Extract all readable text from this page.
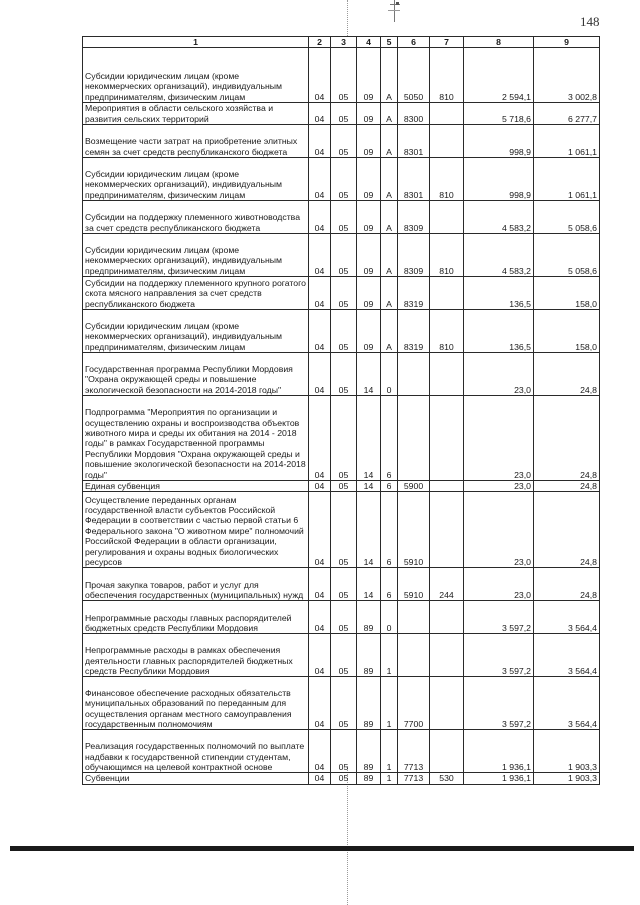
148
1	2	3	4	5	6	7	8	9
Субсидии юридическим лицам (кроме некоммерческих организаций), индивидуальным предпринимателям, физическим лицам	04	05	09	А	5050	810	2 594,1	3 002,8
Мероприятия в области сельского хозяйства и развития сельских территорий	04	05	09	А	8300		5 718,6	6 277,7
Возмещение части затрат на приобретение элитных семян за счет средств республиканского бюджета	04	05	09	А	8301		998,9	1 061,1
Субсидии юридическим лицам (кроме некоммерческих организаций), индивидуальным предпринимателям, физическим лицам	04	05	09	А	8301	810	998,9	1 061,1
Субсидии на поддержку племенного животноводства за счет средств республиканского бюджета	04	05	09	А	8309		4 583,2	5 058,6
Субсидии юридическим лицам (кроме некоммерческих организаций), индивидуальным предпринимателям, физическим лицам	04	05	09	А	8309	810	4 583,2	5 058,6
Субсидии на поддержку племенного крупного рогатого скота мясного направления за счет средств республиканского бюджета	04	05	09	А	8319		136,5	158,0
Субсидии юридическим лицам (кроме некоммерческих организаций), индивидуальным предпринимателям, физическим лицам	04	05	09	А	8319	810	136,5	158,0
Государственная программа Республики Мордовия "Охрана окружающей среды и повышение экологической безопасности на 2014-2018 годы"	04	05	14	0			23,0	24,8
Подпрограмма "Мероприятия по организации и осуществлению охраны и воспроизводства объектов животного мира и среды их обитания на 2014 - 2018 годы" в рамках Государственной программы Республики Мордовия "Охрана окружающей среды и повышение экологической безопасности на 2014-2018 годы"	04	05	14	6			23,0	24,8
Единая субвенция	04	05	14	6	5900		23,0	24,8
Осуществление переданных органам государственной власти субъектов Российской Федерации в соответствии с частью первой статьи 6 Федерального закона "О животном мире" полномочий Российской Федерации в области организации, регулирования и охраны водных биологических ресурсов	04	05	14	6	5910		23,0	24,8
Прочая закупка товаров, работ и услуг для обеспечения государственных (муниципальных) нужд	04	05	14	6	5910	244	23,0	24,8
Непрограммные расходы главных распорядителей бюджетных средств Республики Мордовия	04	05	89	0			3 597,2	3 564,4
Непрограммные расходы в рамках обеспечения деятельности главных распорядителей бюджетных средств Республики Мордовия	04	05	89	1			3 597,2	3 564,4
Финансовое обеспечение расходных обязательств муниципальных образований по переданным для осуществления органам местного самоуправления государственным полномочиям	04	05	89	1	7700		3 597,2	3 564,4
Реализация государственных полномочий по выплате надбавки к государственной стипендии студентам, обучающимся на целевой контрактной основе	04	05	89	1	7713		1 936,1	1 903,3
Субвенции	04	05	89	1	7713	530	1 936,1	1 903,3
